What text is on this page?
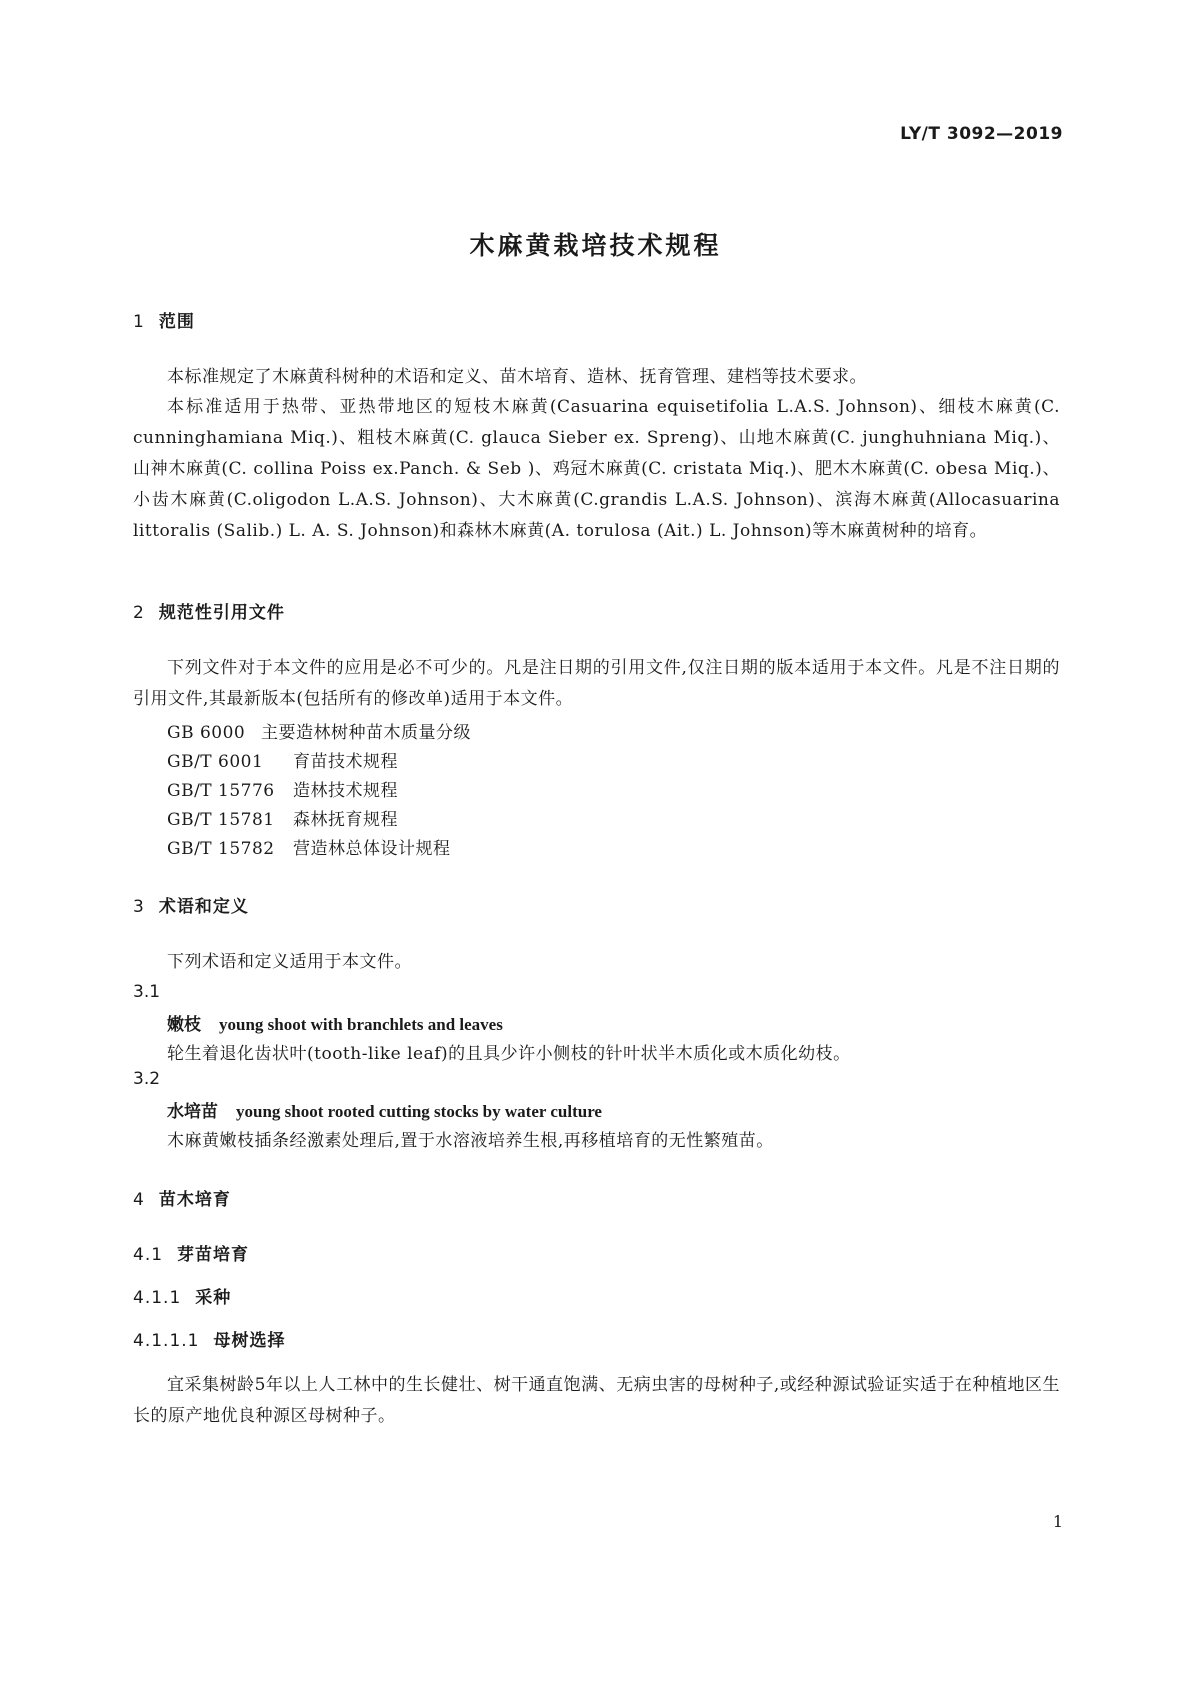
LY/T 3092—2019
木麻黄栽培技术规程
1 范围

本标准规定了木麻黄科树种的术语和定义、苗木培育、造林、抚育管理、建档等技术要求。

本标准适用于热带、亚热带地区的短枝木麻黄(Casuarina equisetifolia L.A.S. Johnson)、细枝木麻黄(C. cunninghamiana Miq.)、粗枝木麻黄(C. glauca Sieber ex. Spreng)、山地木麻黄(C. junghuhniana Miq.)、山神木麻黄(C. collina Poiss ex.Panch. & Seb )、鸡冠木麻黄(C. cristata Miq.)、肥木木麻黄(C. obesa Miq.)、小齿木麻黄(C.oligodon L.A.S. Johnson)、大木麻黄(C.grandis L.A.S. Johnson)、滨海木麻黄(Allocasuarina littoralis (Salib.) L. A. S. Johnson)和森林木麻黄(A. torulosa (Ait.) L. Johnson)等木麻黄树种的培育。

2 规范性引用文件

下列文件对于本文件的应用是必不可少的。凡是注日期的引用文件,仅注日期的版本适用于本文件。凡是不注日期的引用文件,其最新版本(包括所有的修改单)适用于本文件。

GB 6000 主要造林树种苗木质量分级

GB/T 6001 育苗技术规程

GB/T 15776 造林技术规程

GB/T 15781 森林抚育规程

GB/T 15782 营造林总体设计规程

3 术语和定义

下列术语和定义适用于本文件。

3.1

嫩枝 young shoot with branchlets and leaves

轮生着退化齿状叶(tooth-like leaf)的且具少许小侧枝的针叶状半木质化或木质化幼枝。

3.2

水培苗 young shoot rooted cutting stocks by water culture

木麻黄嫩枝插条经激素处理后,置于水溶液培养生根,再移植培育的无性繁殖苗。

4 苗木培育
4.1 芽苗培育
4.1.1 采种
4.1.1.1 母树选择

宜采集树龄5年以上人工林中的生长健壮、树干通直饱满、无病虫害的母树种子,或经种源试验证实适于在种植地区生长的原产地优良种源区母树种子。

1
